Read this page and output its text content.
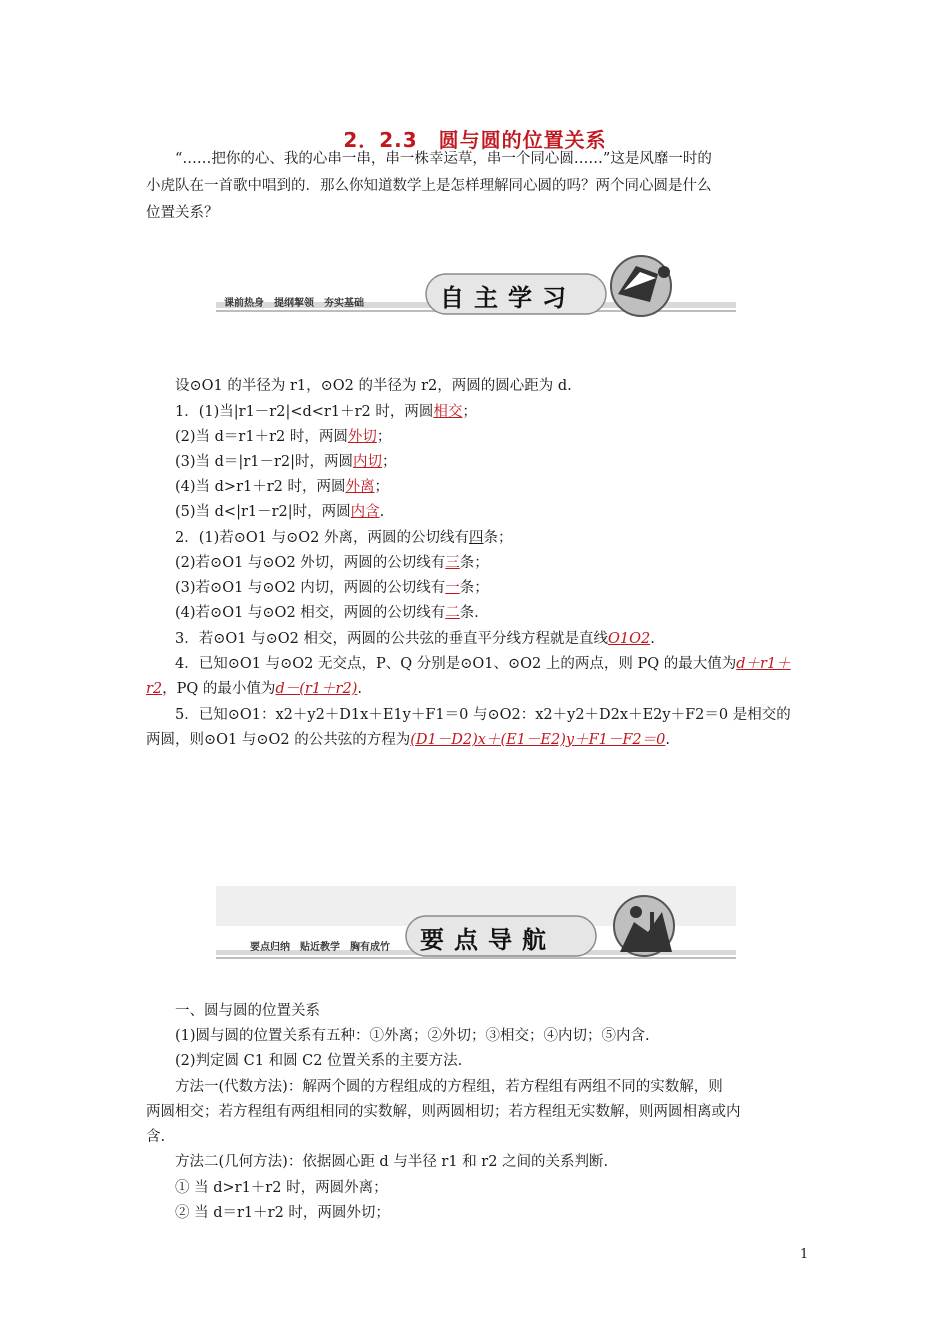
2．2.3　圆与圆的位置关系
“……把你的心、我的心串一串，串一株幸运草，串一个同心圆……”这是风靡一时的
小虎队在一首歌中唱到的．那么你知道数学上是怎样理解同心圆的吗？两个同心圆是什么
位置关系？
课前热身　提纲挈领　夯实基础	自主学习
设⊙O1 的半径为 r1，⊙O2 的半径为 r2，两圆的圆心距为 d.
1．(1)当|r1－r2|<d<r1＋r2 时，两圆相交；
(2)当 d＝r1＋r2 时，两圆外切；
(3)当 d＝|r1－r2|时，两圆内切；
(4)当 d>r1＋r2 时，两圆外离；
(5)当 d<|r1－r2|时，两圆内含.
2．(1)若⊙O1 与⊙O2 外离，两圆的公切线有四条；
(2)若⊙O1 与⊙O2 外切，两圆的公切线有三条；
(3)若⊙O1 与⊙O2 内切，两圆的公切线有一条；
(4)若⊙O1 与⊙O2 相交，两圆的公切线有二条．
3．若⊙O1 与⊙O2 相交，两圆的公共弦的垂直平分线方程就是直线O1O2.
4．已知⊙O1 与⊙O2 无交点，P、Q 分别是⊙O1、⊙O2 上的两点，则 PQ 的最大值为d＋r1＋
r2，PQ 的最小值为d－(r1＋r2).
5．已知⊙O1：x2＋y2＋D1x＋E1y＋F1＝0 与⊙O2：x2＋y2＋D2x＋E2y＋F2＝0 是相交的
两圆，则⊙O1 与⊙O2 的公共弦的方程为(D1－D2)x＋(E1－E2)y＋F1－F2＝0.
要点归纳　贴近教学　胸有成竹 要点导航
一、圆与圆的位置关系
(1)圆与圆的位置关系有五种：①外离；②外切；③相交；④内切；⑤内含.
(2)判定圆 C1 和圆 C2 位置关系的主要方法.
方法一(代数方法)：解两个圆的方程组成的方程组，若方程组有两组不同的实数解，则
两圆相交；若方程组有两组相同的实数解，则两圆相切；若方程组无实数解，则两圆相离或内
含.
方法二(几何方法)：依据圆心距 d 与半径 r1 和 r2 之间的关系判断.
① 当 d>r1＋r2 时，两圆外离；
② 当 d＝r1＋r2 时，两圆外切；
1
